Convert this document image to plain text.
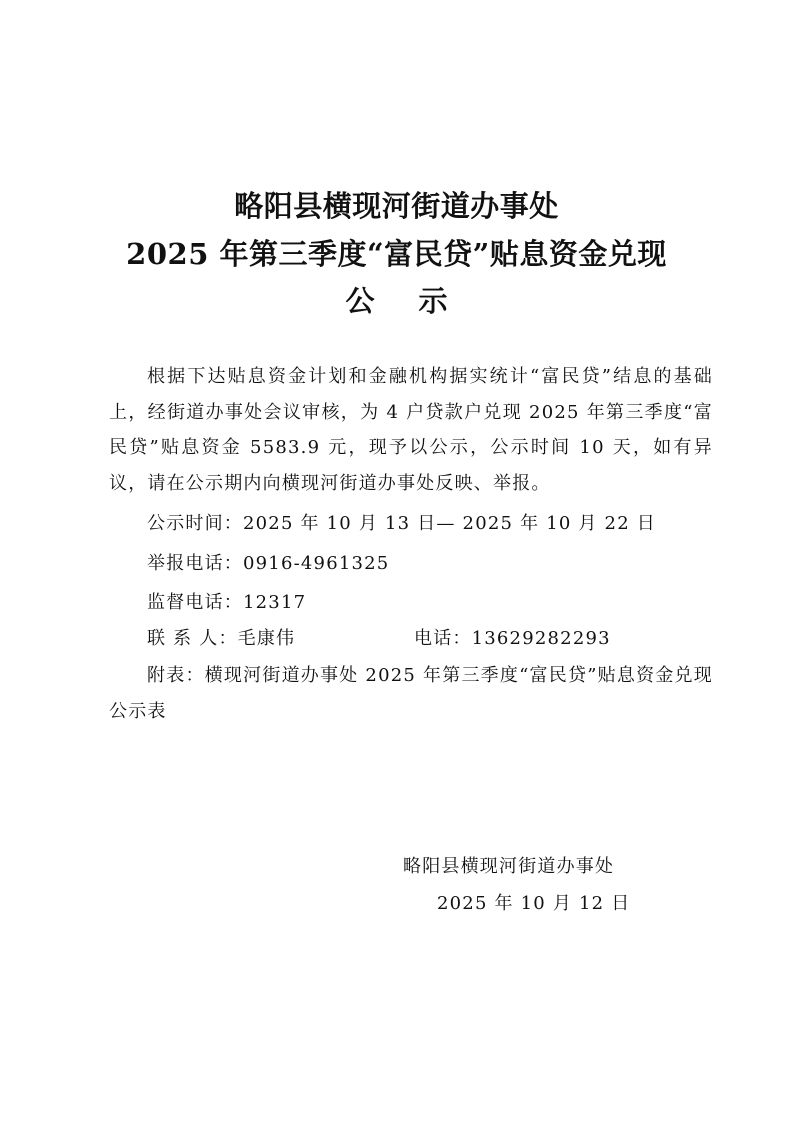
略阳县横现河街道办事处
2025 年第三季度“富民贷”贴息资金兑现
公 示
根据下达贴息资金计划和金融机构据实统计“富民贷”结息的基础上，经街道办事处会议审核，为 4 户贷款户兑现 2025 年第三季度“富民贷”贴息资金 5583.9 元，现予以公示，公示时间 10 天，如有异议，请在公示期内向横现河街道办事处反映、举报。
公示时间：2025 年 10 月 13 日— 2025 年 10 月 22 日
举报电话：0916-4961325
监督电话：12317
联 系 人：毛康伟	电话：13629282293
附表：横现河街道办事处 2025 年第三季度“富民贷”贴息资金兑现公示表
略阳县横现河街道办事处
2025 年 10 月 12 日
